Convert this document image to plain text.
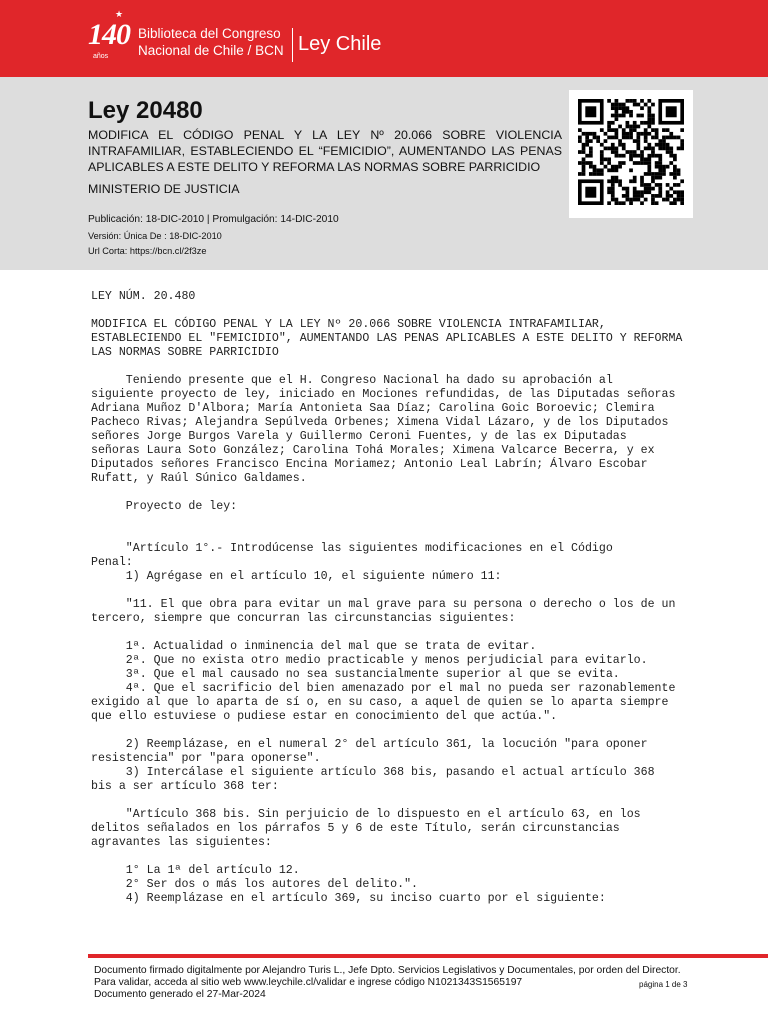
★
140
años
Biblioteca del Congreso
Nacional de Chile / BCN Ley Chile
Ley 20480
MODIFICA EL CÓDIGO PENAL Y LA LEY Nº 20.066 SOBRE VIOLENCIA INTRAFAMILIAR, ESTABLECIENDO EL “FEMICIDIO”, AUMENTANDO LAS PENAS APLICABLES A ESTE DELITO Y REFORMA LAS NORMAS SOBRE PARRICIDIO
MINISTERIO DE JUSTICIA
Publicación: 18-DIC-2010 | Promulgación: 14-DIC-2010
Versión: Única De : 18-DIC-2010
Url Corta: https://bcn.cl/2f3ze
LEY NÚM. 20.480

MODIFICA EL CÓDIGO PENAL Y LA LEY Nº 20.066 SOBRE VIOLENCIA INTRAFAMILIAR,
ESTABLECIENDO EL "FEMICIDIO", AUMENTANDO LAS PENAS APLICABLES A ESTE DELITO Y REFORMA
LAS NORMAS SOBRE PARRICIDIO

Teniendo presente que el H. Congreso Nacional ha dado su aprobación al
siguiente proyecto de ley, iniciado en Mociones refundidas, de las Diputadas señoras
Adriana Muñoz D'Albora; María Antonieta Saa Díaz; Carolina Goic Boroevic; Clemira
Pacheco Rivas; Alejandra Sepúlveda Orbenes; Ximena Vidal Lázaro, y de los Diputados
señores Jorge Burgos Varela y Guillermo Ceroni Fuentes, y de las ex Diputadas
señoras Laura Soto González; Carolina Tohá Morales; Ximena Valcarce Becerra, y ex
Diputados señores Francisco Encina Moriamez; Antonio Leal Labrín; Álvaro Escobar
Rufatt, y Raúl Súnico Galdames.

Proyecto de ley:

"Artículo 1°.- Introdúcense las siguientes modificaciones en el Código
Penal:
1) Agrégase en el artículo 10, el siguiente número 11:

"11. El que obra para evitar un mal grave para su persona o derecho o los de un
tercero, siempre que concurran las circunstancias siguientes:

1ª. Actualidad o inminencia del mal que se trata de evitar.
2ª. Que no exista otro medio practicable y menos perjudicial para evitarlo.
3ª. Que el mal causado no sea sustancialmente superior al que se evita.
4ª. Que el sacrificio del bien amenazado por el mal no pueda ser razonablemente
exigido al que lo aparta de sí o, en su caso, a aquel de quien se lo aparta siempre
que ello estuviese o pudiese estar en conocimiento del que actúa.".

2) Reemplázase, en el numeral 2° del artículo 361, la locución "para oponer
resistencia" por "para oponerse".
3) Intercálase el siguiente artículo 368 bis, pasando el actual artículo 368
bis a ser artículo 368 ter:

"Artículo 368 bis. Sin perjuicio de lo dispuesto en el artículo 63, en los
delitos señalados en los párrafos 5 y 6 de este Título, serán circunstancias
agravantes las siguientes:

1° La 1ª del artículo 12.
2° Ser dos o más los autores del delito.".
4) Reemplázase en el artículo 369, su inciso cuarto por el siguiente:
Documento firmado digitalmente por Alejandro Turis L., Jefe Dpto. Servicios Legislativos y Documentales, por orden del Director.
Para validar, acceda al sitio web www.leychile.cl/validar e ingrese código N1021343S1565197
Documento generado el 27-Mar-2024
página 1 de 3
